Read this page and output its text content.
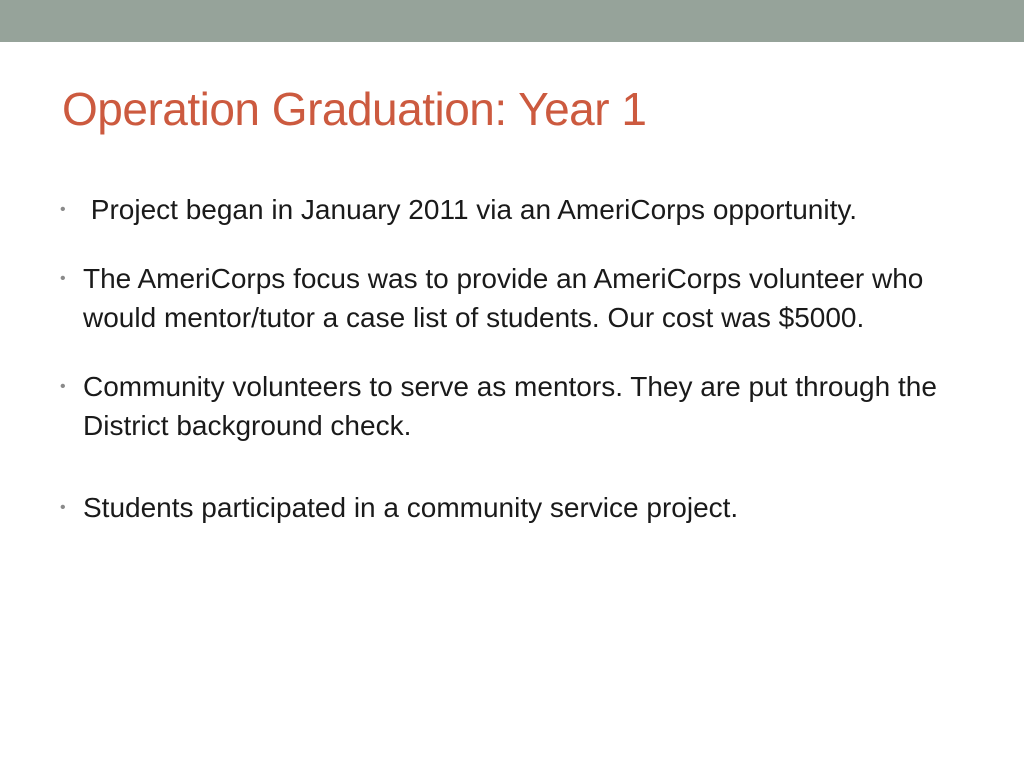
Operation Graduation: Year 1
• Project began in January 2011 via an AmeriCorps opportunity.
• The AmeriCorps focus was to provide an AmeriCorps volunteer who would mentor/tutor a case list of students. Our cost was $5000.
• Community volunteers to serve as mentors. They are put through the District background check.
• Students participated in a community service project.
